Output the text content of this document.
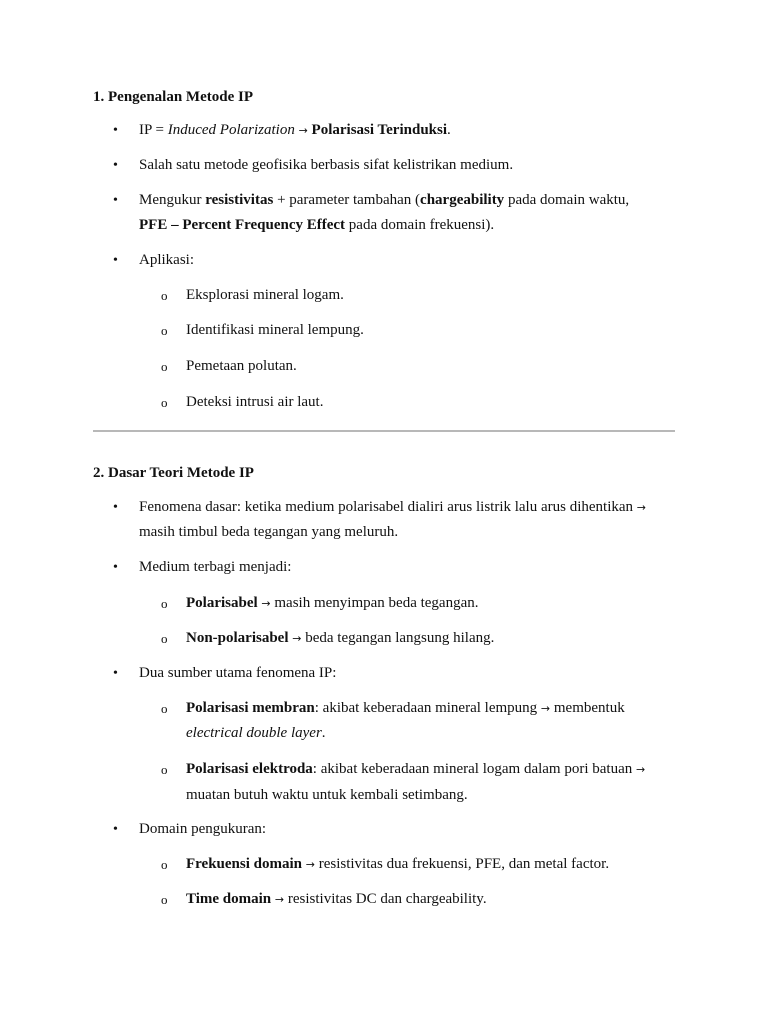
1. Pengenalan Metode IP
• IP = Induced Polarization → Polarisasi Terinduksi.
• Salah satu metode geofisika berbasis sifat kelistrikan medium.
• Mengukur resistivitas + parameter tambahan (chargeability pada domain waktu,
PFE – Percent Frequency Effect pada domain frekuensi).
• Aplikasi:
o Eksplorasi mineral logam.
o Identifikasi mineral lempung.
o Pemetaan polutan.
o Deteksi intrusi air laut.
2. Dasar Teori Metode IP
• Fenomena dasar: ketika medium polarisabel dialiri arus listrik lalu arus dihentikan →
masih timbul beda tegangan yang meluruh.
• Medium terbagi menjadi:
o Polarisabel → masih menyimpan beda tegangan.
o Non-polarisabel → beda tegangan langsung hilang.
• Dua sumber utama fenomena IP:
o Polarisasi membran: akibat keberadaan mineral lempung → membentuk
electrical double layer.
o Polarisasi elektroda: akibat keberadaan mineral logam dalam pori batuan →
muatan butuh waktu untuk kembali setimbang.
• Domain pengukuran:
o Frekuensi domain → resistivitas dua frekuensi, PFE, dan metal factor.
o Time domain → resistivitas DC dan chargeability.
